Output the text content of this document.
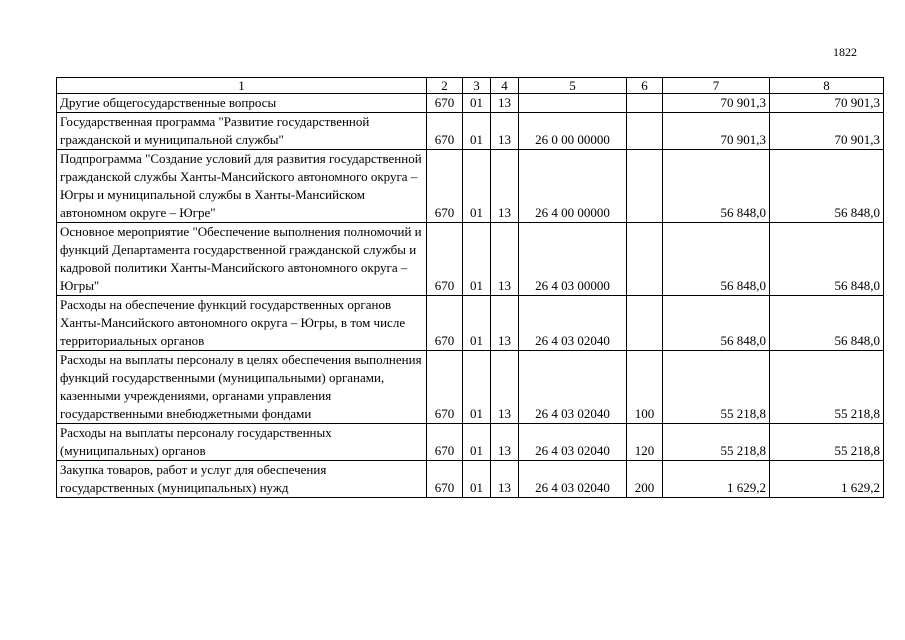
1822
1	2	3	4	5	6	7	8
Другие общегосударственные вопросы	670	01	13			70 901,3	70 901,3
Государственная программа "Развитие государственной гражданской и муниципальной службы"	670	01	13	26 0 00 00000		70 901,3	70 901,3
Подпрограмма "Создание условий для развития государственной гражданской службы Ханты-Мансийского автономного округа – Югры и муниципальной службы в Ханты-Мансийском автономном округе – Югре"	670	01	13	26 4 00 00000		56 848,0	56 848,0
Основное мероприятие "Обеспечение выполнения полномочий и функций Департамента государственной гражданской службы и кадровой политики Ханты-Мансийского автономного округа – Югры"	670	01	13	26 4 03 00000		56 848,0	56 848,0
Расходы на обеспечение функций государственных органов Ханты-Мансийского автономного округа – Югры, в том числе территориальных органов	670	01	13	26 4 03 02040		56 848,0	56 848,0
Расходы на выплаты персоналу в целях обеспечения выполнения функций государственными (муниципальными) органами, казенными учреждениями, органами управления государственными внебюджетными фондами	670	01	13	26 4 03 02040	100	55 218,8	55 218,8
Расходы на выплаты персоналу государственных (муниципальных) органов	670	01	13	26 4 03 02040	120	55 218,8	55 218,8
Закупка товаров, работ и услуг для обеспечения государственных (муниципальных) нужд	670	01	13	26 4 03 02040	200	1 629,2	1 629,2
